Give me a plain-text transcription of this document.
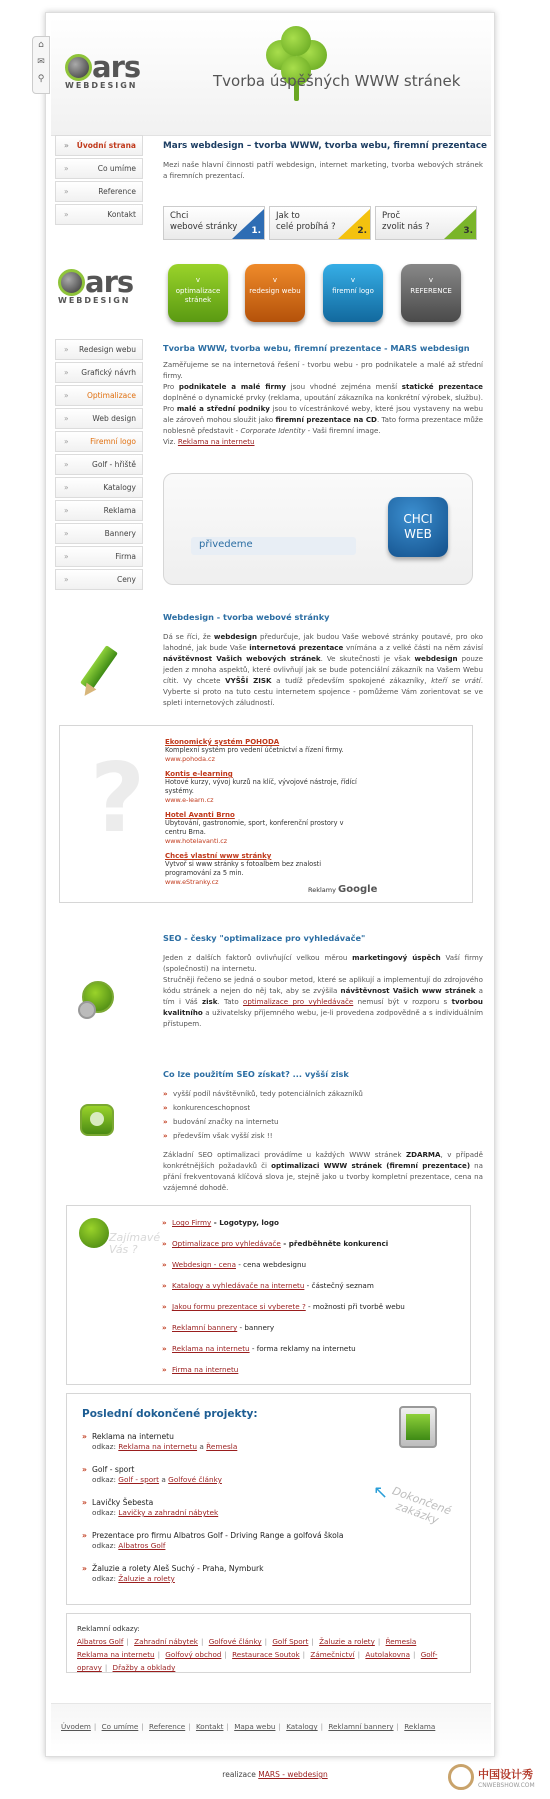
⌂
✉
⚲	ars
WEBDESIGN	Tvorba úspěšných WWW stránek
» Úvodní strana
» Co umíme
» Reference
» Kontakt
Mars webdesign – tvorba WWW, tvorba webu, firemní prezentace
Mezi naše hlavní činnosti patří webdesign, internet marketing, tvorba webových stránek a firemních prezentací.
Chci
webové stránky	1.
Jak to
celé probíhá ?	2.
Proč
zvolit nás ?	3.
ars
WEBDESIGN
v
optimalizace stránek
v
redesign webu
v
firemní logo
v
REFERENCE
» Redesign webu
» Grafický návrh
» Optimalizace
» Web design
» Firemní logo
» Golf - hřiště
» Katalogy
» Reklama
» Bannery
» Firma
» Ceny
Tvorba WWW, tvorba webu, firemní prezentace - MARS webdesign
Zaměřujeme se na internetová řešení - tvorbu webu - pro podnikatele a malé až střední firmy.
Pro podnikatele a malé firmy jsou vhodné zejména menší statické prezentace doplněné o dynamické prvky (reklama, upoutání zákazníka na konkrétní výrobek, službu). Pro malé a střední podniky jsou to vícestránkové weby, které jsou vystaveny na webu ale zároveň mohou sloužit jako firemní prezentace na CD. Tato forma prezentace může noblesně představit - Corporate Identity - Vaši firemní image.
Viz. Reklama na internetu
přivedeme
CHCI WEB
Webdesign - tvorba webové stránky
Dá se říci, že webdesign předurčuje, jak budou Vaše webové stránky poutavé, pro oko lahodné, jak bude Vaše internetová prezentace vnímána a z velké části na něm závisí návštěvnost Vašich webových stránek. Ve skutečnosti je však webdesign pouze jeden z mnoha aspektů, které ovlivňují jak se bude potenciální zákazník na Vašem Webu cítit. Vy chcete VYŠŠÍ ZISK a tudíž především spokojené zákazníky, kteří se vrátí. Vyberte si proto na tuto cestu internetem spojence - pomůžeme Vám zorientovat se ve spleti internetových záludností.
?
Ekonomický systém POHODA
Komplexní systém pro vedení účetnictví a řízení firmy.
www.pohoda.cz
Kontis e-learning
Hotové kurzy, vývoj kurzů na klíč, vývojové nástroje, řídící systémy.
www.e-learn.cz
Hotel Avanti Brno
Ubytování, gastronomie, sport, konferenční prostory v centru Brna.
www.hotelavanti.cz
Chceš vlastní www stránky
Vytvoř si www stránky s fotoalbem bez znalosti programování za 5 min.
www.eStranky.cz
Reklamy Google
SEO - česky "optimalizace pro vyhledávače"
Jeden z dalších faktorů ovlivňující velkou měrou marketingový úspěch Vaší firmy (společnosti) na internetu.
Stručněji řečeno se jedná o soubor metod, které se aplikují a implementují do zdrojového kódu stránek a nejen do něj tak, aby se zvýšila návštěvnost Vašich www stránek a tím i Váš zisk. Tato optimalizace pro vyhledávače nemusí být v rozporu s tvorbou kvalitního a uživatelsky příjemného webu, je-li provedena zodpovědně a s individuálním přístupem.
Co lze použitím SEO získat? ... vyšší zisk
» vyšší podíl návštěvníků, tedy potenciálních zákazníků
» konkurenceschopnost
» budování značky na internetu
» především však vyšší zisk !!
Základní SEO optimalizaci provádíme u každých WWW stránek ZDARMA, v případě konkrétnějších požadavků či optimalizaci WWW stránek (firemní prezentace) na přání frekventovaná klíčová slova je, stejně jako u tvorby kompletní prezentace, cena na vzájemné dohodě.
Zajímavé Vás ?
» Logo Firmy - Logotypy, logo
» Optimalizace pro vyhledávače - předběhněte konkurenci
» Webdesign - cena - cena webdesignu
» Katalogy a vyhledávače na internetu - částečný seznam
» Jakou formu prezentace si vyberete ? - možnosti při tvorbě webu
» Reklamní bannery - bannery
» Reklama na internetu - forma reklamy na internetu
» Firma na internetu
Poslední dokončené projekty:
↖ Dokončené zakázky
» Reklama na internetu
odkaz: Reklama na internetu a Řemesla
» Golf - sport
odkaz: Golf - sport a Golfové články
» Lavičky Šebesta
odkaz: Lavičky a zahradní nábytek
» Prezentace pro firmu Albatros Golf - Driving Range a golfová škola
odkaz: Albatros Golf
» Žaluzie a rolety Aleš Suchý - Praha, Nymburk
odkaz: Žaluzie a rolety
Reklamní odkazy:
Albatros Golf | Zahradní nábytek | Golfové články | Golf Sport | Žaluzie a rolety | Řemesla
Reklama na internetu | Golfový obchod | Restaurace Soutok | Zámečnictví | Autolakovna | Golf-
opravy | Dřažby a obklady
Úvodem | Co umíme | Reference | Kontakt | Mapa webu | Katalogy | Reklamní bannery | Reklama
realizace MARS - webdesign	中国设计秀
CNWEBSHOW.COM
